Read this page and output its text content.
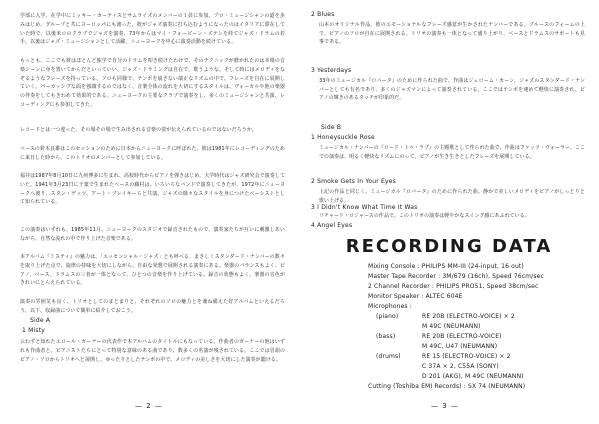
学部に入学、在学中にミッキー・カーティスとサムライズのメンバーの１員に参加。プロ・ミュージシャンの道を歩みはじめ、グループと共にヨーロッパにも渡った。彼がジャズ演奏に打ち込むようになったのはイタリアに滞在していた時で、以後米ロのクラブでジャズを演奏、73年からはマイ・フォービーン・ズテンを経てジャズ・ドラムの若手。以後はジャズ・ミュージシャンとして活躍、ニューヨークを中心に演奏活動を続けている。

もっとも、ここでも彼はほとんど独学で自分のドラムを叩き続けたわけで、そのテクニックが磨かれたのは本場の音楽シーンに身を置いてからだといっていい。ジャズ・ドラミングは自在で、歌うような、そして時にはメロディをなぞるようなフレーズを持っている。ソロも同様で、テンポを崩さない端正なリズムの中で、フレーズを自在に展開していく。パーカッシヴな面を強調するのではなく、音楽全体の流れを大切にするスタイルは、ヴォーカルや他の楽器の伴奏をしてもきわめて効果的である。ニューヨークの主要なクラブで演奏をし、多くのミュージシャンと共演、レコーディングにも参加してきた。

レコードとは一つ違った、その場その場で生み出される音楽の姿が伝えられているのではないだろうか。

ベースの鈴木良雄はこのセッションのために日本からニューヨークに呼ばれた。彼は1981年にレコーディングのために来日した時から、このトリオのメンバーとして参加している。

福井は1987年8月10日に九州博多に生まれ、高校時代からピアノを弾きはじめ、大学時代はジャズ研究会で演奏していた。1941年3月23日に千葉で生まれたベースの藤村は、いろいろなバンドで演奏してきたが、1972年にニューヨークへ渡り、スタン・ゲッツ、アート・ブレイキーらと共演。ジャズの様々なスタイルを身につけたベーシストとして知られている。

この演奏はいずれも、1985年11月、ニューヨークのスタジオで録音されたもので、演奏家たちが互いに刺激しあいながら、自然な流れの中で作り上げた音楽である。

本アルバム『ミスティ』の魅力は、「エッセンシャル・ジャズ」とも呼べる、まさしくスタンダード・ナンバーの数々を取り上げた点で、旋律の持味を大切にしながら、自由な発想で展開される演奏にある。楽器のバランスもよく、ピアノ、ベース、ドラムスの三者が一体となって、ひとつの音楽を作り上げている。録音の状態もよく、楽器の音色がきれいにとらえられている。

演奏の雰囲気も良く、トリオとしてのまとまりと、それぞれのソロの魅力とを兼ね備えた好アルバムといえるだろう。以下、収録曲について簡単に紹介しておこう。

Side A
1 Misty

云わずと知れたエロール・ガーナーの代表作で本アルバムのタイトルにもなっている。作曲者のガーナーの他はいずれも作曲者と、ピアニストたちにとって特別な意味のある曲であり、数多くの名演が残されている。ここでは冒頭のピアノ・ソロからトリオへと展開し、ゆったりとしたテンポの中で、メロディの美しさを大切にした演奏が聴ける。

— 2 —
2 Blues

山本のオリジナル作品。彼のエモーショナルなフレーズ感覚が生かされたナンバーである。ブルースのフォームの上で、ピアノのソロが自在に展開される。トリオの演奏も一体となって盛り上がり、ベースとドラムスのサポートも見事である。

3 Yesterdays

33年のミュージカル『ロバータ』のために作られた曲で、作曲はジェローム・カーン。ジャズのスタンダード・ナンバーとしても有名であり、多くのジャズマンによって演奏されている。ここではテンポを速めて軽快に演奏され、ピアノの輝きのあるタッチが印象的だ。

Side B
1 Honeysuckle Rose

ミュージカル・ナンバーの『ロード・トゥ・ラブ』の主題歌として作られた曲で、作曲はファッツ・ウォーラー。ここでの演奏は、明るく軽快なリズムにのって、ピアノが生き生きとしたフレーズを展開している。

2 Smoke Gets In Your Eyes

上記の作品と同じく、ミュージカル『ロバータ』のために作られた曲。静かで美しいメロディをピアノがしっとりと歌い上げる。

3 I Didn't Know What Time It Was

リチャード・ロジャースの作品で、このトリオの演奏は軽やかなスイング感にあふれている。

4 Angel Eyes

RECORDING DATA
Mixing Console : PHILIPS MM-III (24-input, 16 out)
Master Tape Recorder : 3M/679 (16ch), Speed 76cm/sec
2 Channel Recorder : PHILIPS PRO51, Speed 38cm/sec
Monitor Speaker : ALTEC 604E
Microphones :
(piano)	RE 20B (ELECTRO-VOICE) × 2
M 49C (NEUMANN)
(bass)	RE 20B (ELECTRO-VOICE)
M 49C, U47 (NEUMANN)
(drums)	RE 15 (ELECTRO-VOICE) × 2
C 37A × 2, C55A (SONY)
D 201 (AKG), M 49C (NEUMANN)
Cutting (Toshiba EMI Records) : SX 74 (NEUMANN)
— 3 —
